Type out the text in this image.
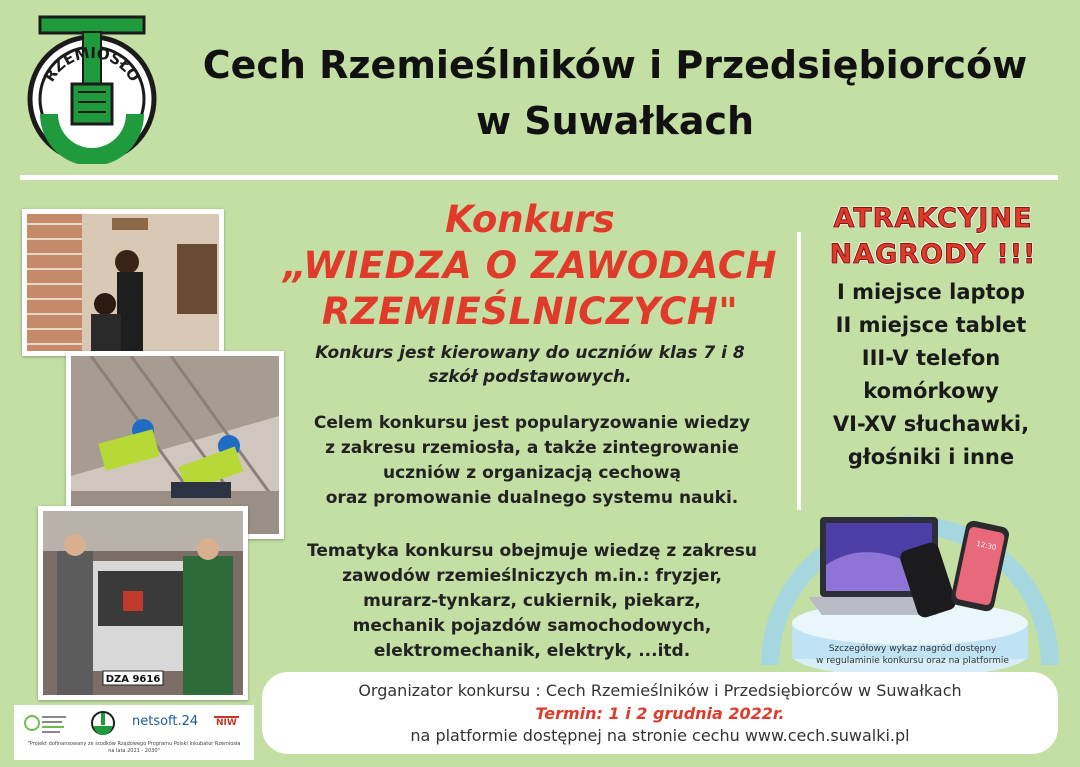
RZEMIOSŁO	Cech Rzemieślników i Przedsiębiorców
w Suwałkach
DZA 9616
Konkurs
„WIEDZA O ZAWODACH
RZEMIEŚLNICZYCH"
Konkurs jest kierowany do uczniów klas 7 i 8
szkół podstawowych.
Celem konkursu jest popularyzowanie wiedzy
z zakresu rzemiosła, a także zintegrowanie
uczniów z organizacją cechową
oraz promowanie dualnego systemu nauki.
Tematyka konkursu obejmuje wiedzę z zakresu
zawodów rzemieślniczych m.in.: fryzjer,
murarz-tynkarz, cukiernik, piekarz,
mechanik pojazdów samochodowych,
elektromechanik, elektryk, ...itd.
ATRAKCYJNE
NAGRODY !!!
I miejsce laptop
II miejsce tablet
III-V telefon
komórkowy
VI-XV słuchawki,
głośniki i inne
12:30
Szczegółowy wykaz nagród dostępny
w regulaminie konkursu oraz na platformie
Organizator konkursu : Cech Rzemieślników i Przedsiębiorców w Suwałkach
Termin: 1 i 2 grudnia 2022r.
na platformie dostępnej na stronie cechu www.cech.suwalki.pl
netsoft.24 NIW
"Projekt dofinansowany ze środków Rządowego Programu Polski Inkubator Rzemiosła
na lata 2021 - 2030"
